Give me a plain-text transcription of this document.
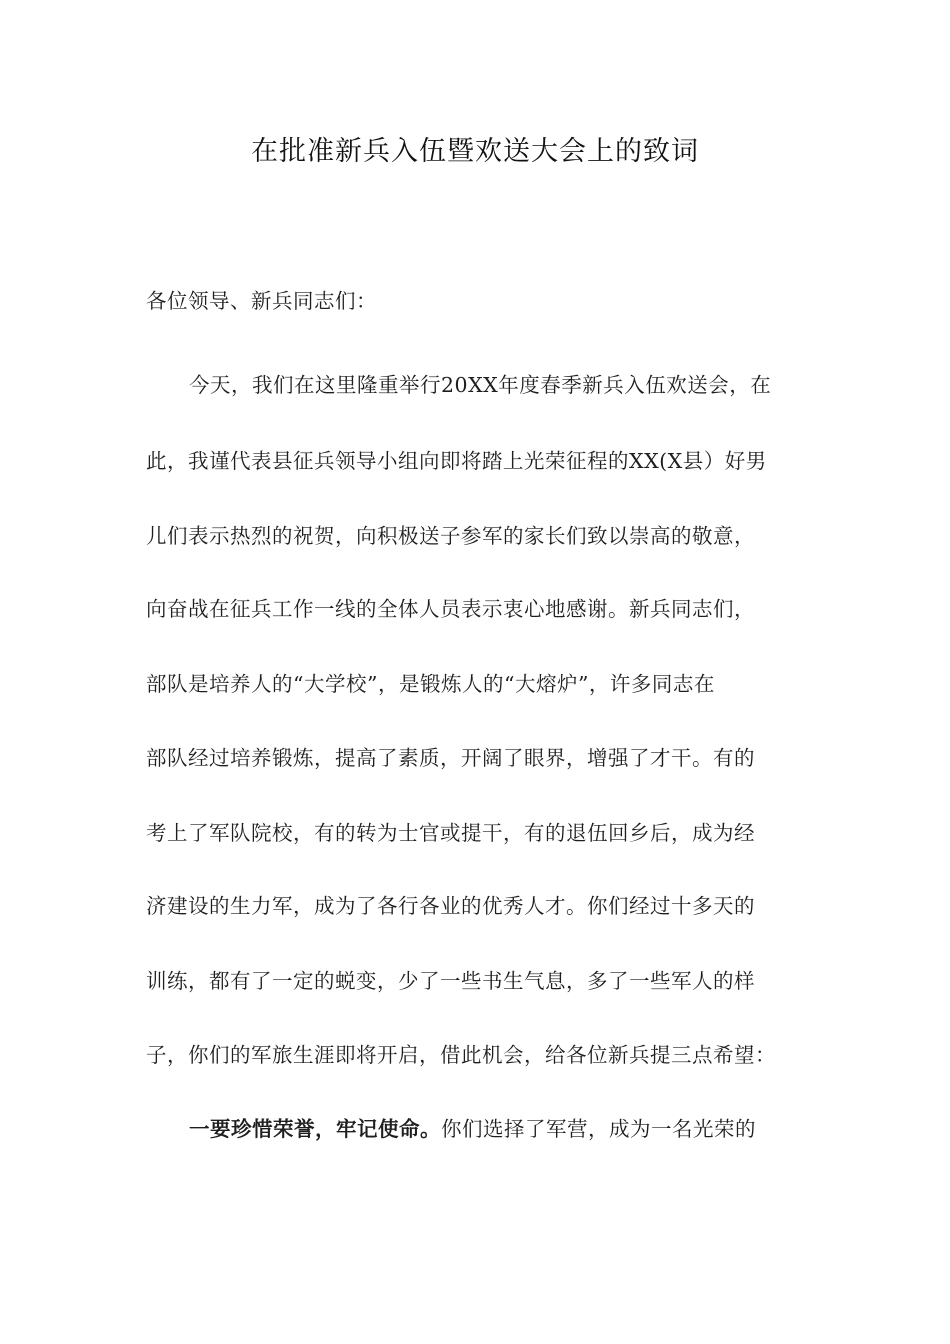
在批准新兵入伍暨欢送大会上的致词
各位领导、新兵同志们：
今天，我们在这里隆重举行20XX年度春季新兵入伍欢送会，在
此，我谨代表县征兵领导小组向即将踏上光荣征程的XX(X县）好男
儿们表示热烈的祝贺，向积极送子参军的家长们致以崇高的敬意，
向奋战在征兵工作一线的全体人员表示衷心地感谢。新兵同志们，
部队是培养人的“大学校”，是锻炼人的“大熔炉”，许多同志在
部队经过培养锻炼，提高了素质，开阔了眼界，增强了才干。有的
考上了军队院校，有的转为士官或提干，有的退伍回乡后，成为经
济建设的生力军，成为了各行各业的优秀人才。你们经过十多天的
训练，都有了一定的蜕变，少了一些书生气息，多了一些军人的样
子，你们的军旅生涯即将开启，借此机会，给各位新兵提三点希望：
一要珍惜荣誉，牢记使命。你们选择了军营，成为一名光荣的
